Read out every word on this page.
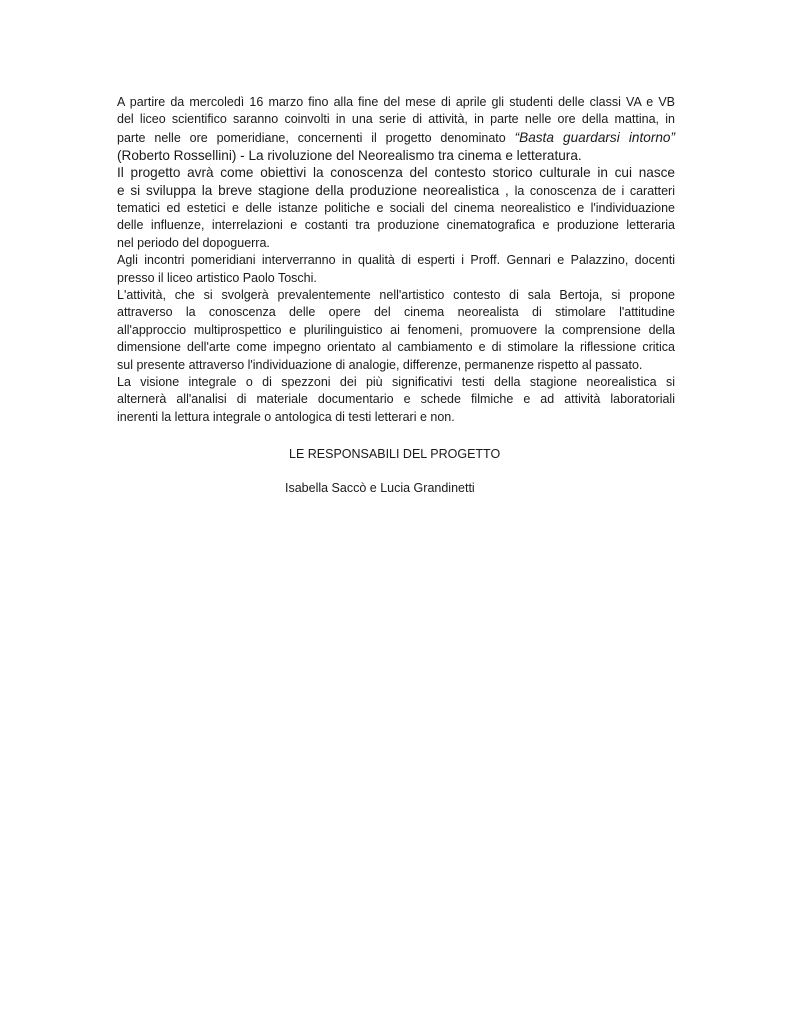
A partire da mercoledì 16 marzo fino alla fine del mese di aprile gli studenti delle classi VA e VB
del liceo scientifico saranno coinvolti in una serie di attività, in parte nelle ore della mattina, in
parte nelle ore pomeridiane, concernenti il progetto denominato “Basta guardarsi intorno”
(Roberto Rossellini) - La rivoluzione del Neorealismo tra cinema e letteratura.
Il progetto avrà come obiettivi la conoscenza del contesto storico culturale in cui nasce
e si sviluppa la breve stagione della produzione neorealistica , la conoscenza de i caratteri
tematici ed estetici e delle istanze politiche e sociali del cinema neorealistico e l'individuazione
delle influenze, interrelazioni e costanti tra produzione cinematografica e produzione letteraria
nel periodo del dopoguerra.
Agli incontri pomeridiani interverranno in qualità di esperti i Proff. Gennari e Palazzino, docenti
presso il liceo artistico Paolo Toschi.
L'attività, che si svolgerà prevalentemente nell'artistico contesto di sala Bertoja, si propone
attraverso la conoscenza delle opere del cinema neorealista di stimolare l'attitudine
all'approccio multiprospettico e plurilinguistico ai fenomeni, promuovere la comprensione della
dimensione dell'arte come impegno orientato al cambiamento e di stimolare la riflessione critica
sul presente attraverso l'individuazione di analogie, differenze, permanenze rispetto al passato.
La visione integrale o di spezzoni dei più significativi testi della stagione neorealistica si
alternerà all'analisi di materiale documentario e schede filmiche e ad attività laboratoriali
inerenti la lettura integrale o antologica di testi letterari e non.
LE RESPONSABILI DEL PROGETTO
Isabella Saccò e Lucia Grandinetti
